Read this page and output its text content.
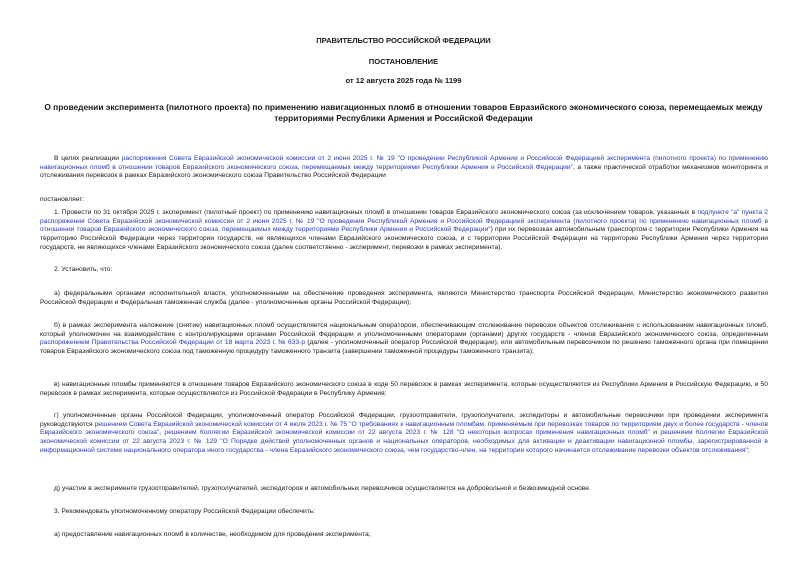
ПРАВИТЕЛЬСТВО РОССИЙСКОЙ ФЕДЕРАЦИИ
ПОСТАНОВЛЕНИЕ
от 12 августа 2025 года № 1199
О проведении эксперимента (пилотного проекта) по применению навигационных пломб в отношении товаров Евразийского экономического союза, перемещаемых между территориями Республики Армения и Российской Федерации
В целях реализации распоряжения Совета Евразийской экономической комиссии от 2 июня 2025 г. № 19 "О проведении Республикой Армения и Российской Федерацией эксперимента (пилотного проекта) по применению навигационных пломб в отношении товаров Евразийского экономического союза, перемещаемых между территориями Республики Армения и Российской Федерации", а также практической отработки механизмов мониторинга и отслеживания перевозок в рамках Евразийского экономического союза Правительство Российской Федерации
постановляет:
1. Провести по 31 октября 2025 г. эксперимент (пилотный проект) по применению навигационных пломб в отношении товаров Евразийского экономического союза (за исключением товаров, указанных в подпункте "а" пункта 2 распоряжения Совета Евразийской экономической комиссии от 2 июня 2025 г. № 19 "О проведении Республикой Армения и Российской Федерацией эксперимента (пилотного проекта) по применению навигационных пломб в отношении товаров Евразийского экономического союза, перемещаемых между территориями Республики Армения и Российской Федерации") при их перевозках автомобильным транспортом с территории Республики Армения на территорию Российской Федерации через территории государств, не являющихся членами Евразийского экономического союза, и с территории Российской Федерации на территорию Республики Армения через территории государств, не являющихся членами Евразийского экономического союза (далее соответственно - эксперимент, перевозки в рамках эксперимента).
2. Установить, что:
а) федеральными органами исполнительной власти, уполномоченными на обеспечение проведения эксперимента, являются Министерство транспорта Российской Федерации, Министерство экономического развития Российской Федерации и Федеральная таможенная служба (далее - уполномоченные органы Российской Федерации);
б) в рамках эксперимента наложение (снятие) навигационных пломб осуществляется национальным оператором, обеспечивающим отслеживание перевозок объектов отслеживания с использованием навигационных пломб, который уполномочен на взаимодействие с контролирующими органами Российской Федерации и уполномоченными операторами (органами) других государств - членов Евразийского экономического союза, определенным распоряжением Правительства Российской Федерации от 18 марта 2023 г. № 633-р (далее - уполномоченный оператор Российской Федерации), или автомобильным перевозчиком по решению таможенного органа при помещении товаров Евразийского экономического союза под таможенную процедуру таможенного транзита (завершении таможенной процедуры таможенного транзита);
в) навигационные пломбы применяются в отношении товаров Евразийского экономического союза в ходе 50 перевозок в рамках эксперимента, которые осуществляются из Республики Армения в Российскую Федерацию, и 50 перевозок в рамках эксперимента, которые осуществляются из Российской Федерации в Республику Армения;
г) уполномоченные органы Российской Федерации, уполномоченный оператор Российской Федерации, грузоотправители, грузополучатели, экспедиторы и автомобильные перевозчики при проведении эксперимента руководствуются решением Совета Евразийской экономической комиссии от 4 июля 2023 г. № 75 "О требованиях к навигационным пломбам, применяемым при перевозках товаров по территориям двух и более государств - членов Евразийского экономического союза", решением Коллегии Евразийской экономической комиссии от 22 августа 2023 г. № 128 "О некоторых вопросах применения навигационных пломб" и решением Коллегии Евразийской экономической комиссии от 22 августа 2023 г. № 129 "О Порядке действий уполномоченных органов и национальных операторов, необходимых для активации и деактивации навигационной пломбы, зарегистрированной в информационной системе национального оператора иного государства - члена Евразийского экономического союза, чем государство-член, на территории которого начинается отслеживание перевозки объектов отслеживания";
д) участие в эксперименте грузоотправителей, грузополучателей, экспедиторов и автомобильных перевозчиков осуществляется на добровольной и безвозмездной основе.
3. Рекомендовать уполномоченному оператору Российской Федерации обеспечить:
а) предоставление навигационных пломб в количестве, необходимом для проведения эксперимента;
